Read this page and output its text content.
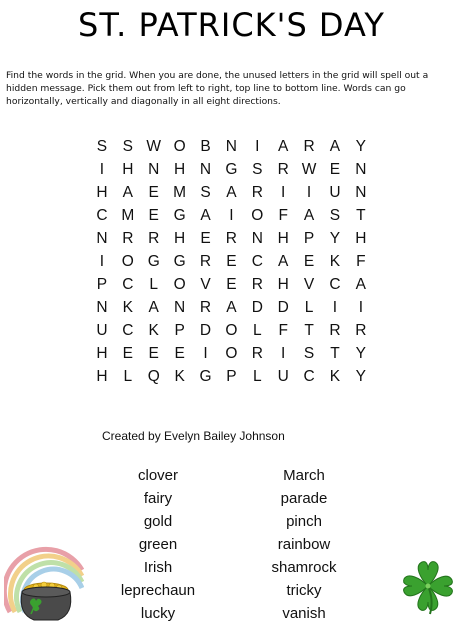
ST. PATRICK'S DAY
Find the words in the grid. When you are done, the unused letters in the grid will spell out a hidden message. Pick them out from left to right, top line to bottom line. Words can go horizontally, vertically and diagonally in all eight directions.
S	S W O B N	I	A R A	Y
I	H N H N G S R W E N
H A	E M S	A R	I	I	U N
C M E G A	I	O F	A	S	T
N R R H E R N H P	Y H
I	O G G R E C A	E	K	F
P C	L	O V	E R H V C A
N K	A N R A D D	L	I	I
U C K	P D O	L	F	T	R R
H E	E	E	I	O R	I	S	T	Y
H	L	Q K G P	L	U C K	Y
Created by Evelyn Bailey Johnson
clover
fairy
gold
green
Irish
leprechaun
lucky
March
parade
pinch
rainbow
shamrock
tricky
vanish
